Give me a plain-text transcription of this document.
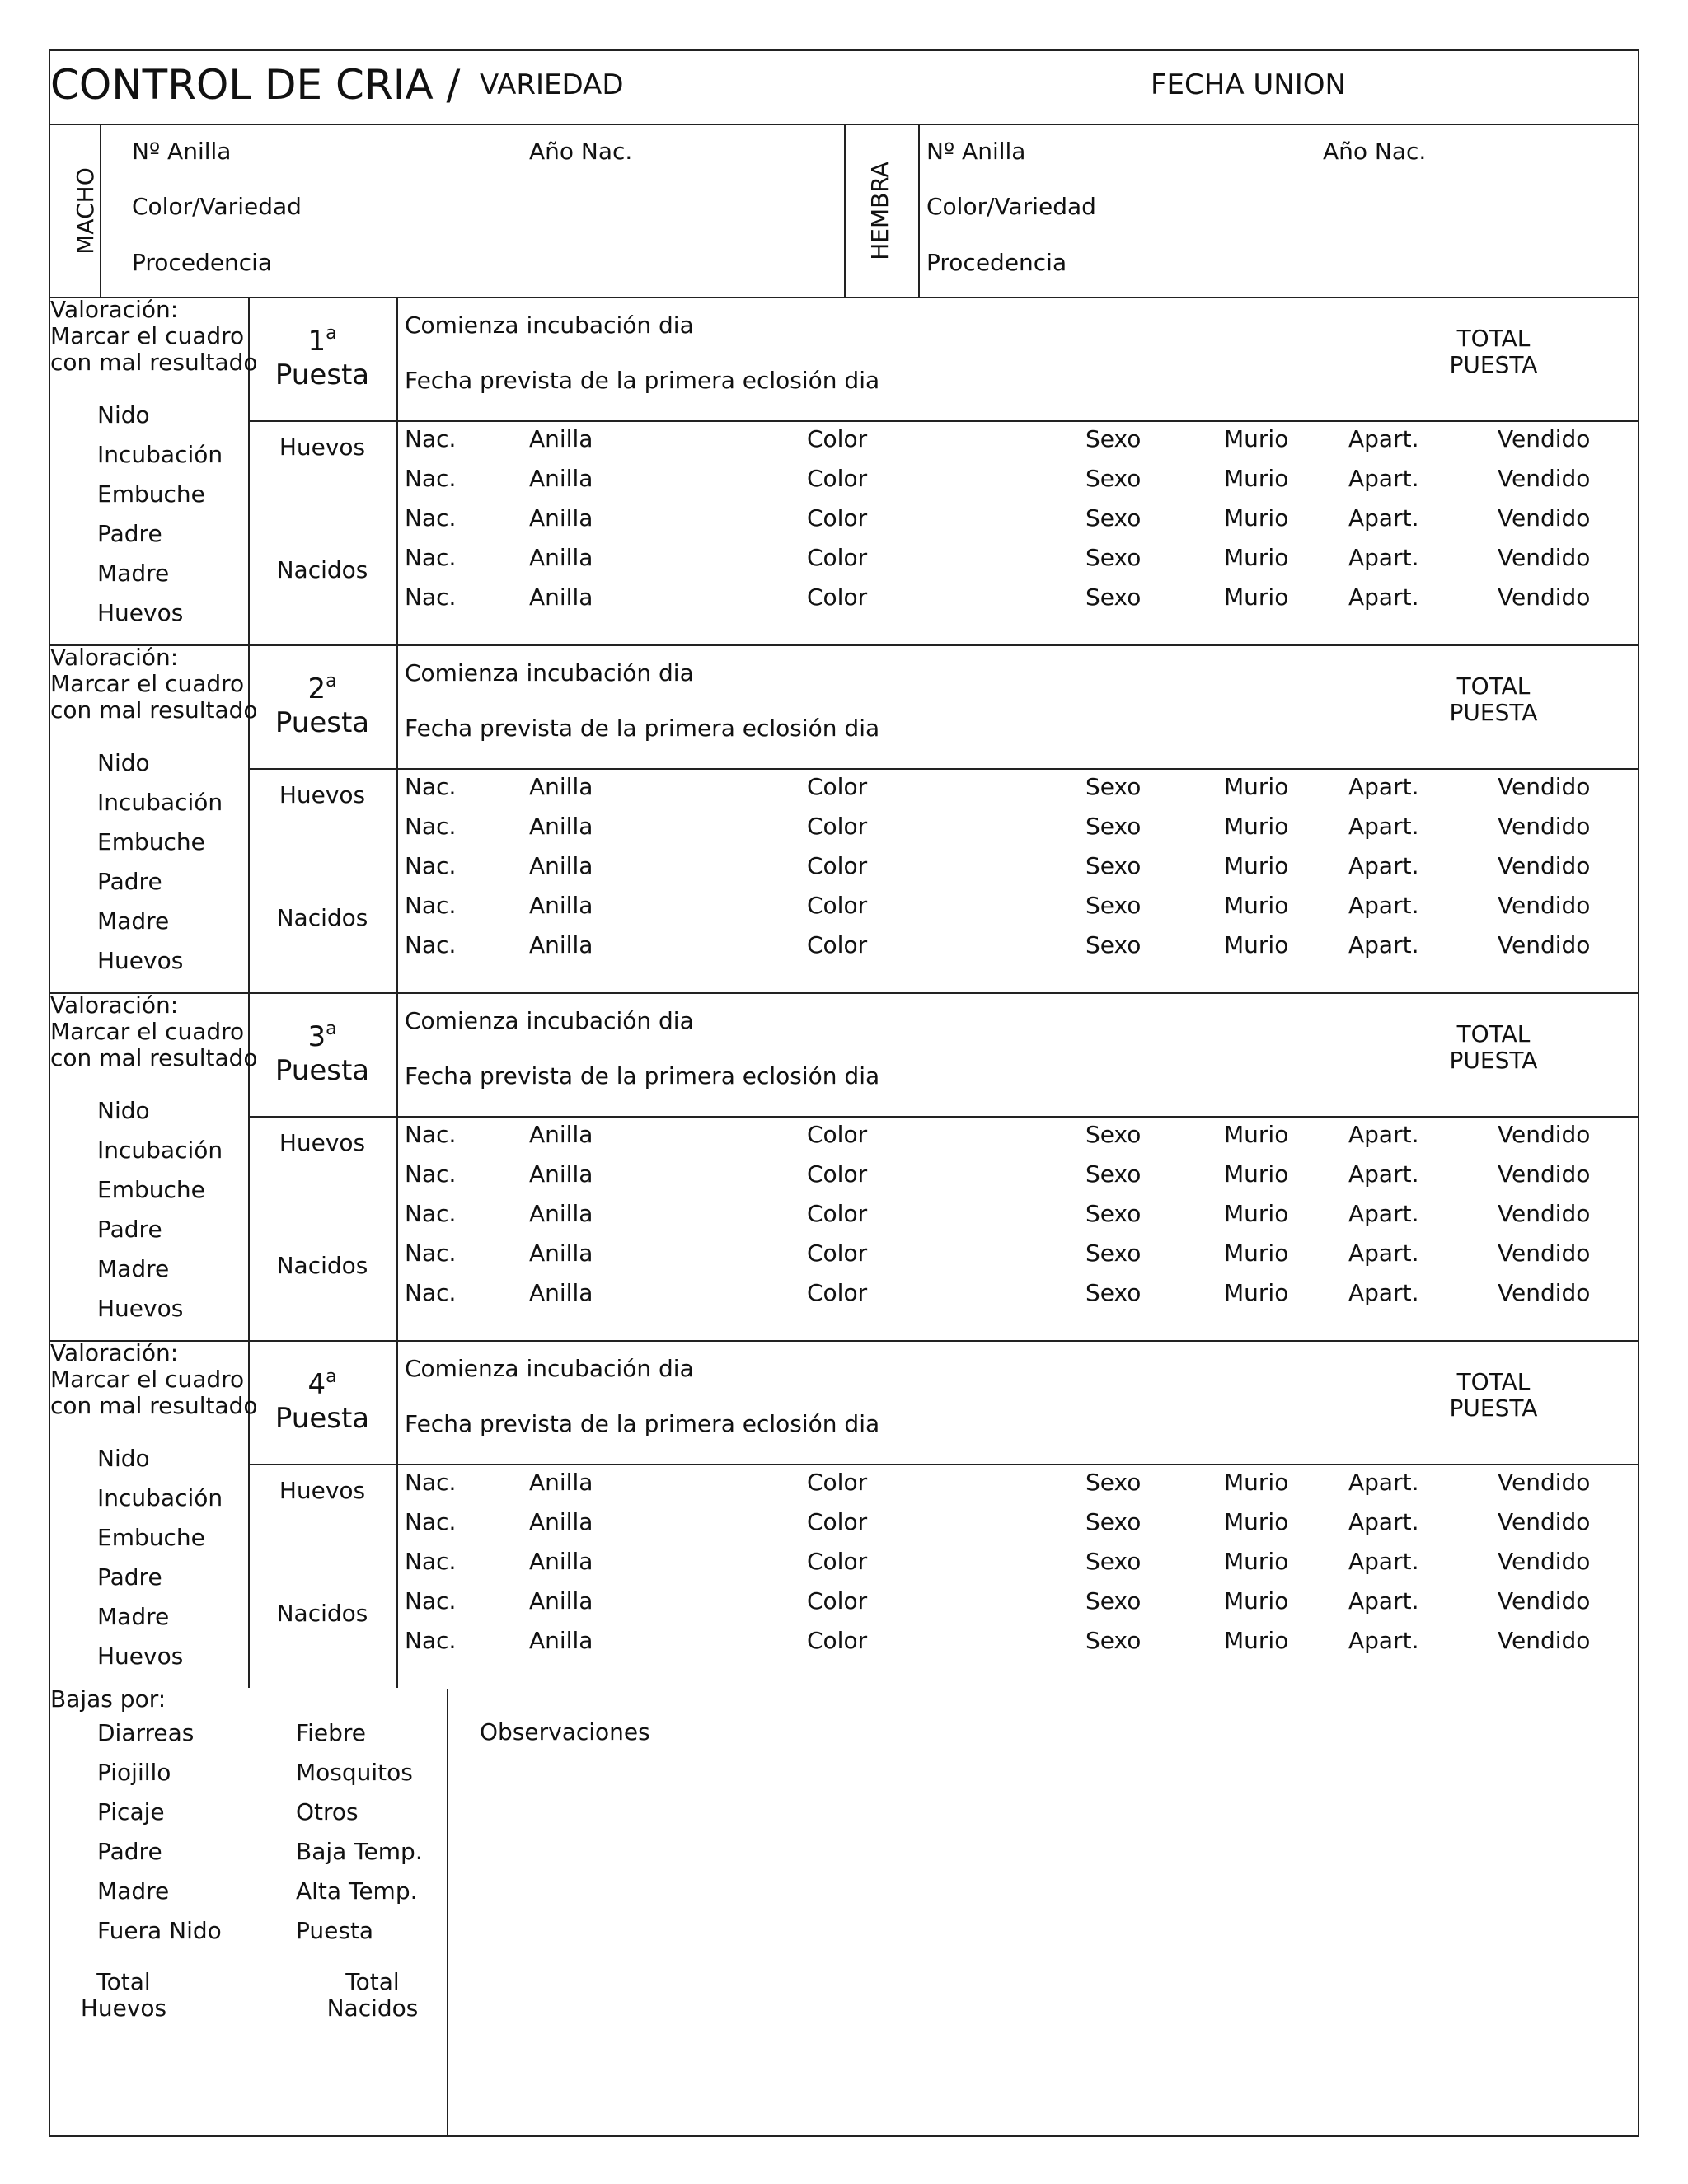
CONTROL DE CRIA / VARIEDAD	FECHA UNION
MACHO
Nº Anilla	Año Nac.
Color/Variedad
Procedencia
HEMBRA
Nº Anilla	Año Nac.
Color/Variedad
Procedencia
Valoración:
Marcar el cuadro
con mal resultado
Nido
Incubación
Embuche
Padre
Madre
Huevos
1$^a$
Puesta
Comienza incubación dia
Fecha prevista de la primera eclosión dia
TOTAL
PUESTA
Huevos
Nacidos
Nac.	Anilla	Color	Sexo	Murio	Apart.	Vendido
Nac.	Anilla	Color	Sexo	Murio	Apart.	Vendido
Nac.	Anilla	Color	Sexo	Murio	Apart.	Vendido
Nac.	Anilla	Color	Sexo	Murio	Apart.	Vendido
Nac.	Anilla	Color	Sexo	Murio	Apart.	Vendido
Valoración:
Marcar el cuadro
con mal resultado
Nido
Incubación
Embuche
Padre
Madre
Huevos
2$^a$
Puesta
Comienza incubación dia
Fecha prevista de la primera eclosión dia
TOTAL
PUESTA
Huevos
Nacidos
Nac.	Anilla	Color	Sexo	Murio	Apart.	Vendido
Nac.	Anilla	Color	Sexo	Murio	Apart.	Vendido
Nac.	Anilla	Color	Sexo	Murio	Apart.	Vendido
Nac.	Anilla	Color	Sexo	Murio	Apart.	Vendido
Nac.	Anilla	Color	Sexo	Murio	Apart.	Vendido
Valoración:
Marcar el cuadro
con mal resultado
Nido
Incubación
Embuche
Padre
Madre
Huevos
3$^a$
Puesta
Comienza incubación dia
Fecha prevista de la primera eclosión dia
TOTAL
PUESTA
Huevos
Nacidos
Nac.	Anilla	Color	Sexo	Murio	Apart.	Vendido
Nac.	Anilla	Color	Sexo	Murio	Apart.	Vendido
Nac.	Anilla	Color	Sexo	Murio	Apart.	Vendido
Nac.	Anilla	Color	Sexo	Murio	Apart.	Vendido
Nac.	Anilla	Color	Sexo	Murio	Apart.	Vendido
Valoración:
Marcar el cuadro
con mal resultado
Nido
Incubación
Embuche
Padre
Madre
Huevos
4$^a$
Puesta
Comienza incubación dia
Fecha prevista de la primera eclosión dia
TOTAL
PUESTA
Huevos
Nacidos
Nac.	Anilla	Color	Sexo	Murio	Apart.	Vendido
Nac.	Anilla	Color	Sexo	Murio	Apart.	Vendido
Nac.	Anilla	Color	Sexo	Murio	Apart.	Vendido
Nac.	Anilla	Color	Sexo	Murio	Apart.	Vendido
Nac.	Anilla	Color	Sexo	Murio	Apart.	Vendido
Bajas por:
Diarreas
Piojillo
Picaje
Padre
Madre
Fuera Nido
Fiebre
Mosquitos
Otros
Baja Temp.
Alta Temp.
Puesta
Total
Huevos
Total
Nacidos
Observaciones
